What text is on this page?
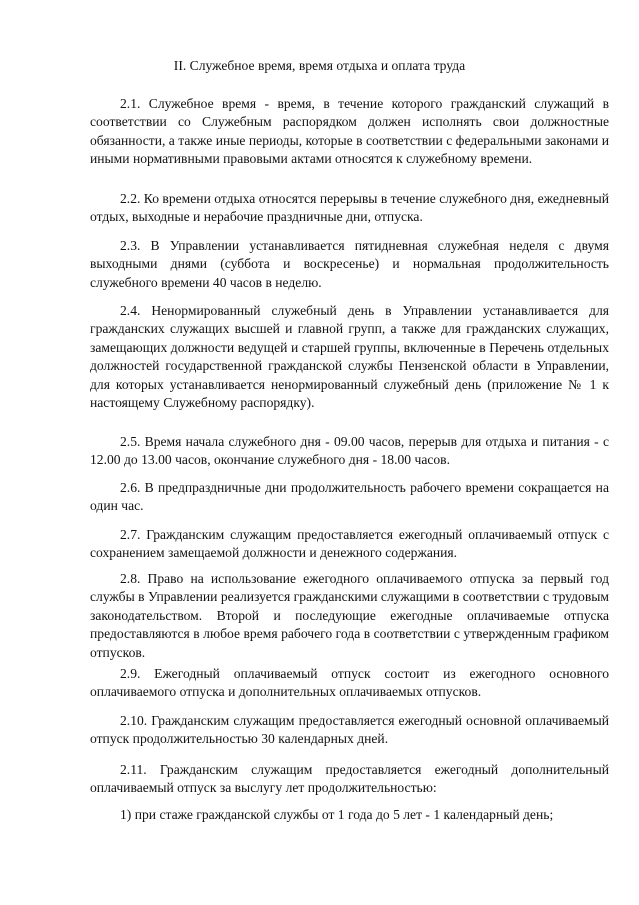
II. Служебное время, время отдыха и оплата труда

2.1. Служебное время - время, в течение которого гражданский служащий в соответствии со Служебным распорядком должен исполнять свои должностные обязанности, а также иные периоды, которые в соответствии с федеральными законами и иными нормативными правовыми актами относятся к служебному времени.

2.2. Ко времени отдыха относятся перерывы в течение служебного дня, ежедневный отдых, выходные и нерабочие праздничные дни, отпуска.

2.3. В Управлении устанавливается пятидневная служебная неделя с двумя выходными днями (суббота и воскресенье) и нормальная продолжительность служебного времени 40 часов в неделю.

2.4. Ненормированный служебный день в Управлении устанавливается для гражданских служащих высшей и главной групп, а также для гражданских служащих, замещающих должности ведущей и старшей группы, включенные в Перечень отдельных должностей государственной гражданской службы Пензенской области в Управлении, для которых устанавливается ненормированный служебный день (приложение № 1 к настоящему Служебному распорядку).

2.5. Время начала служебного дня - 09.00 часов, перерыв для отдыха и питания - с 12.00 до 13.00 часов, окончание служебного дня - 18.00 часов.

2.6. В предпраздничные дни продолжительность рабочего времени сокращается на один час.

2.7. Гражданским служащим предоставляется ежегодный оплачиваемый отпуск с сохранением замещаемой должности и денежного содержания.

2.8. Право на использование ежегодного оплачиваемого отпуска за первый год службы в Управлении реализуется гражданскими служащими в соответствии с трудовым законодательством. Второй и последующие ежегодные оплачиваемые отпуска предоставляются в любое время рабочего года в соответствии с утвержденным графиком отпусков.

2.9. Ежегодный оплачиваемый отпуск состоит из ежегодного основного оплачиваемого отпуска и дополнительных оплачиваемых отпусков.

2.10. Гражданским служащим предоставляется ежегодный основной оплачиваемый отпуск продолжительностью 30 календарных дней.

2.11. Гражданским служащим предоставляется ежегодный дополнительный оплачиваемый отпуск за выслугу лет продолжительностью:

1) при стаже гражданской службы от 1 года до 5 лет - 1 календарный день;
